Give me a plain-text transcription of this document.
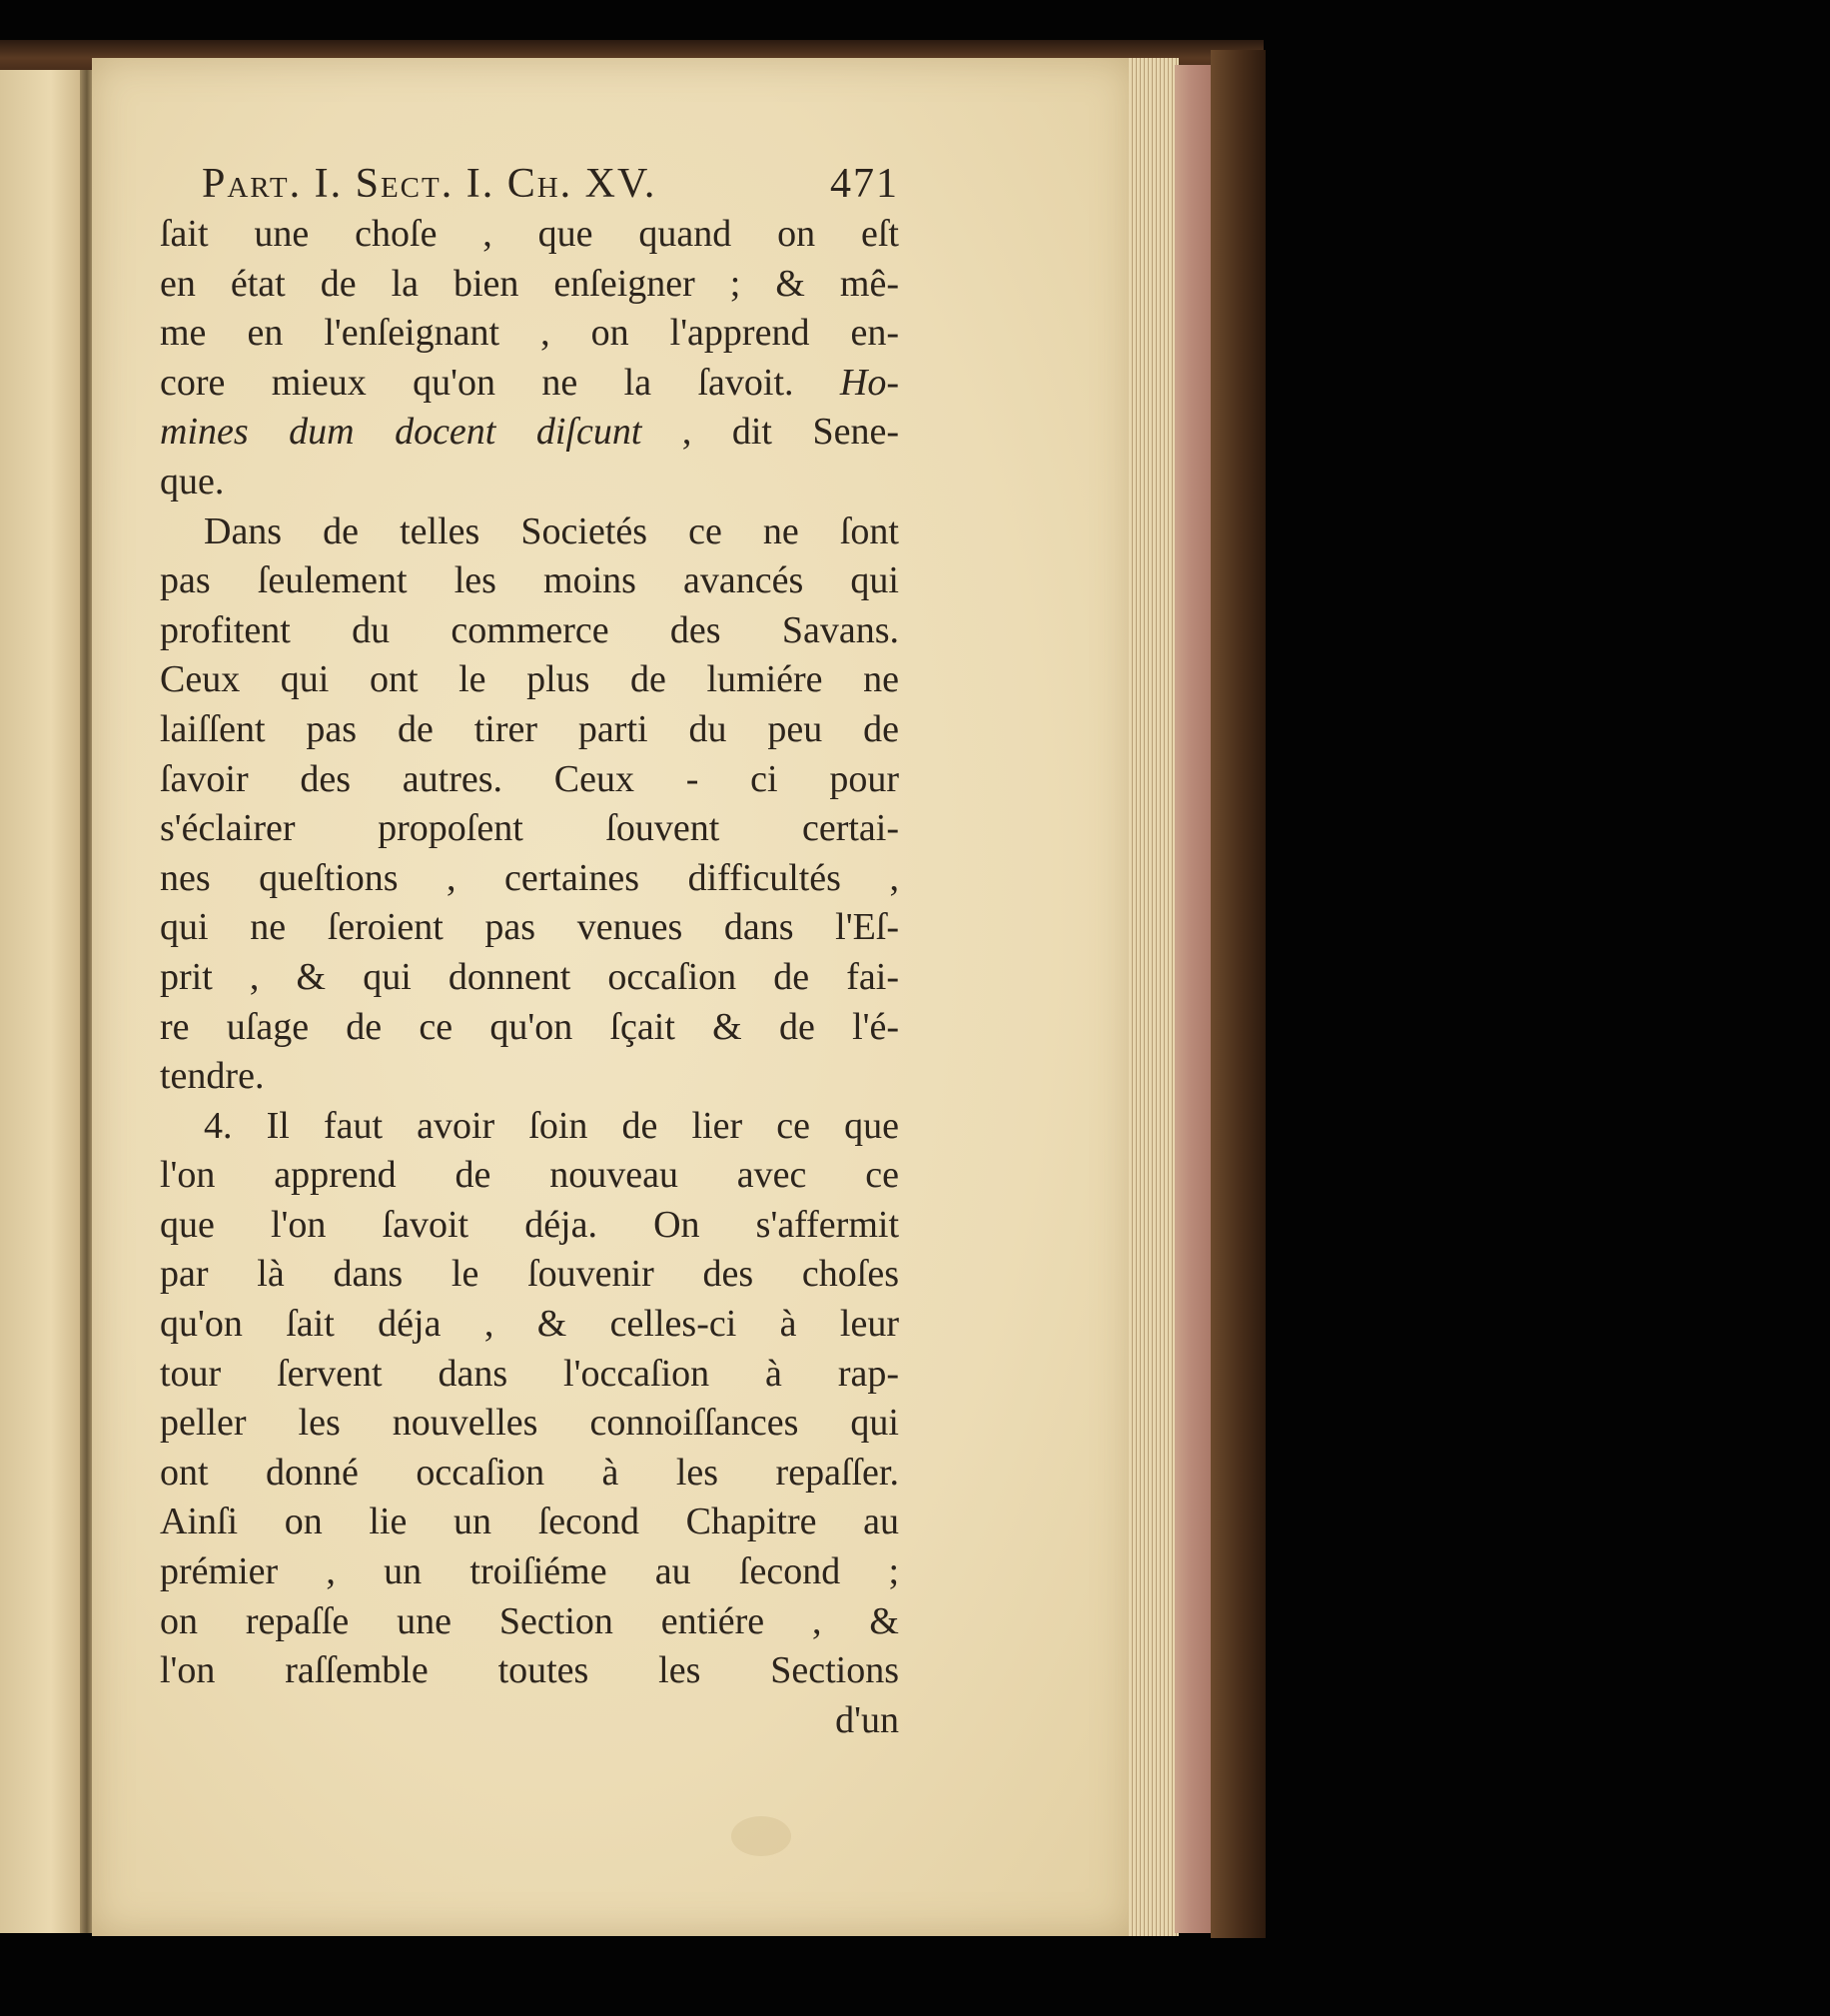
Part. I. Sect. I. Ch. XV.	471
ſait une choſe , que quand on eſt
en état de la bien enſeigner ; & mê-
me en l'enſeignant , on l'apprend en-
core mieux qu'on ne la ſavoit. Ho-
mines dum docent diſcunt , dit Sene-
que.
Dans de telles Societés ce ne ſont
pas ſeulement les moins avancés qui
profitent du commerce des Savans.
Ceux qui ont le plus de lumiére ne
laiſſent pas de tirer parti du peu de
ſavoir des autres. Ceux - ci pour
s'éclairer propoſent ſouvent certai-
nes queſtions , certaines difficultés ,
qui ne ſeroient pas venues dans l'Eſ-
prit , & qui donnent occaſion de fai-
re uſage de ce qu'on ſçait & de l'é-
tendre.
4. Il faut avoir ſoin de lier ce que
l'on apprend de nouveau avec ce
que l'on ſavoit déja. On s'affermit
par là dans le ſouvenir des choſes
qu'on ſait déja , & celles-ci à leur
tour ſervent dans l'occaſion à rap-
peller les nouvelles connoiſſances qui
ont donné occaſion à les repaſſer.
Ainſi on lie un ſecond Chapitre au
prémier , un troiſiéme au ſecond ;
on repaſſe une Section entiére , &
l'on raſſemble toutes les Sections
d'un
